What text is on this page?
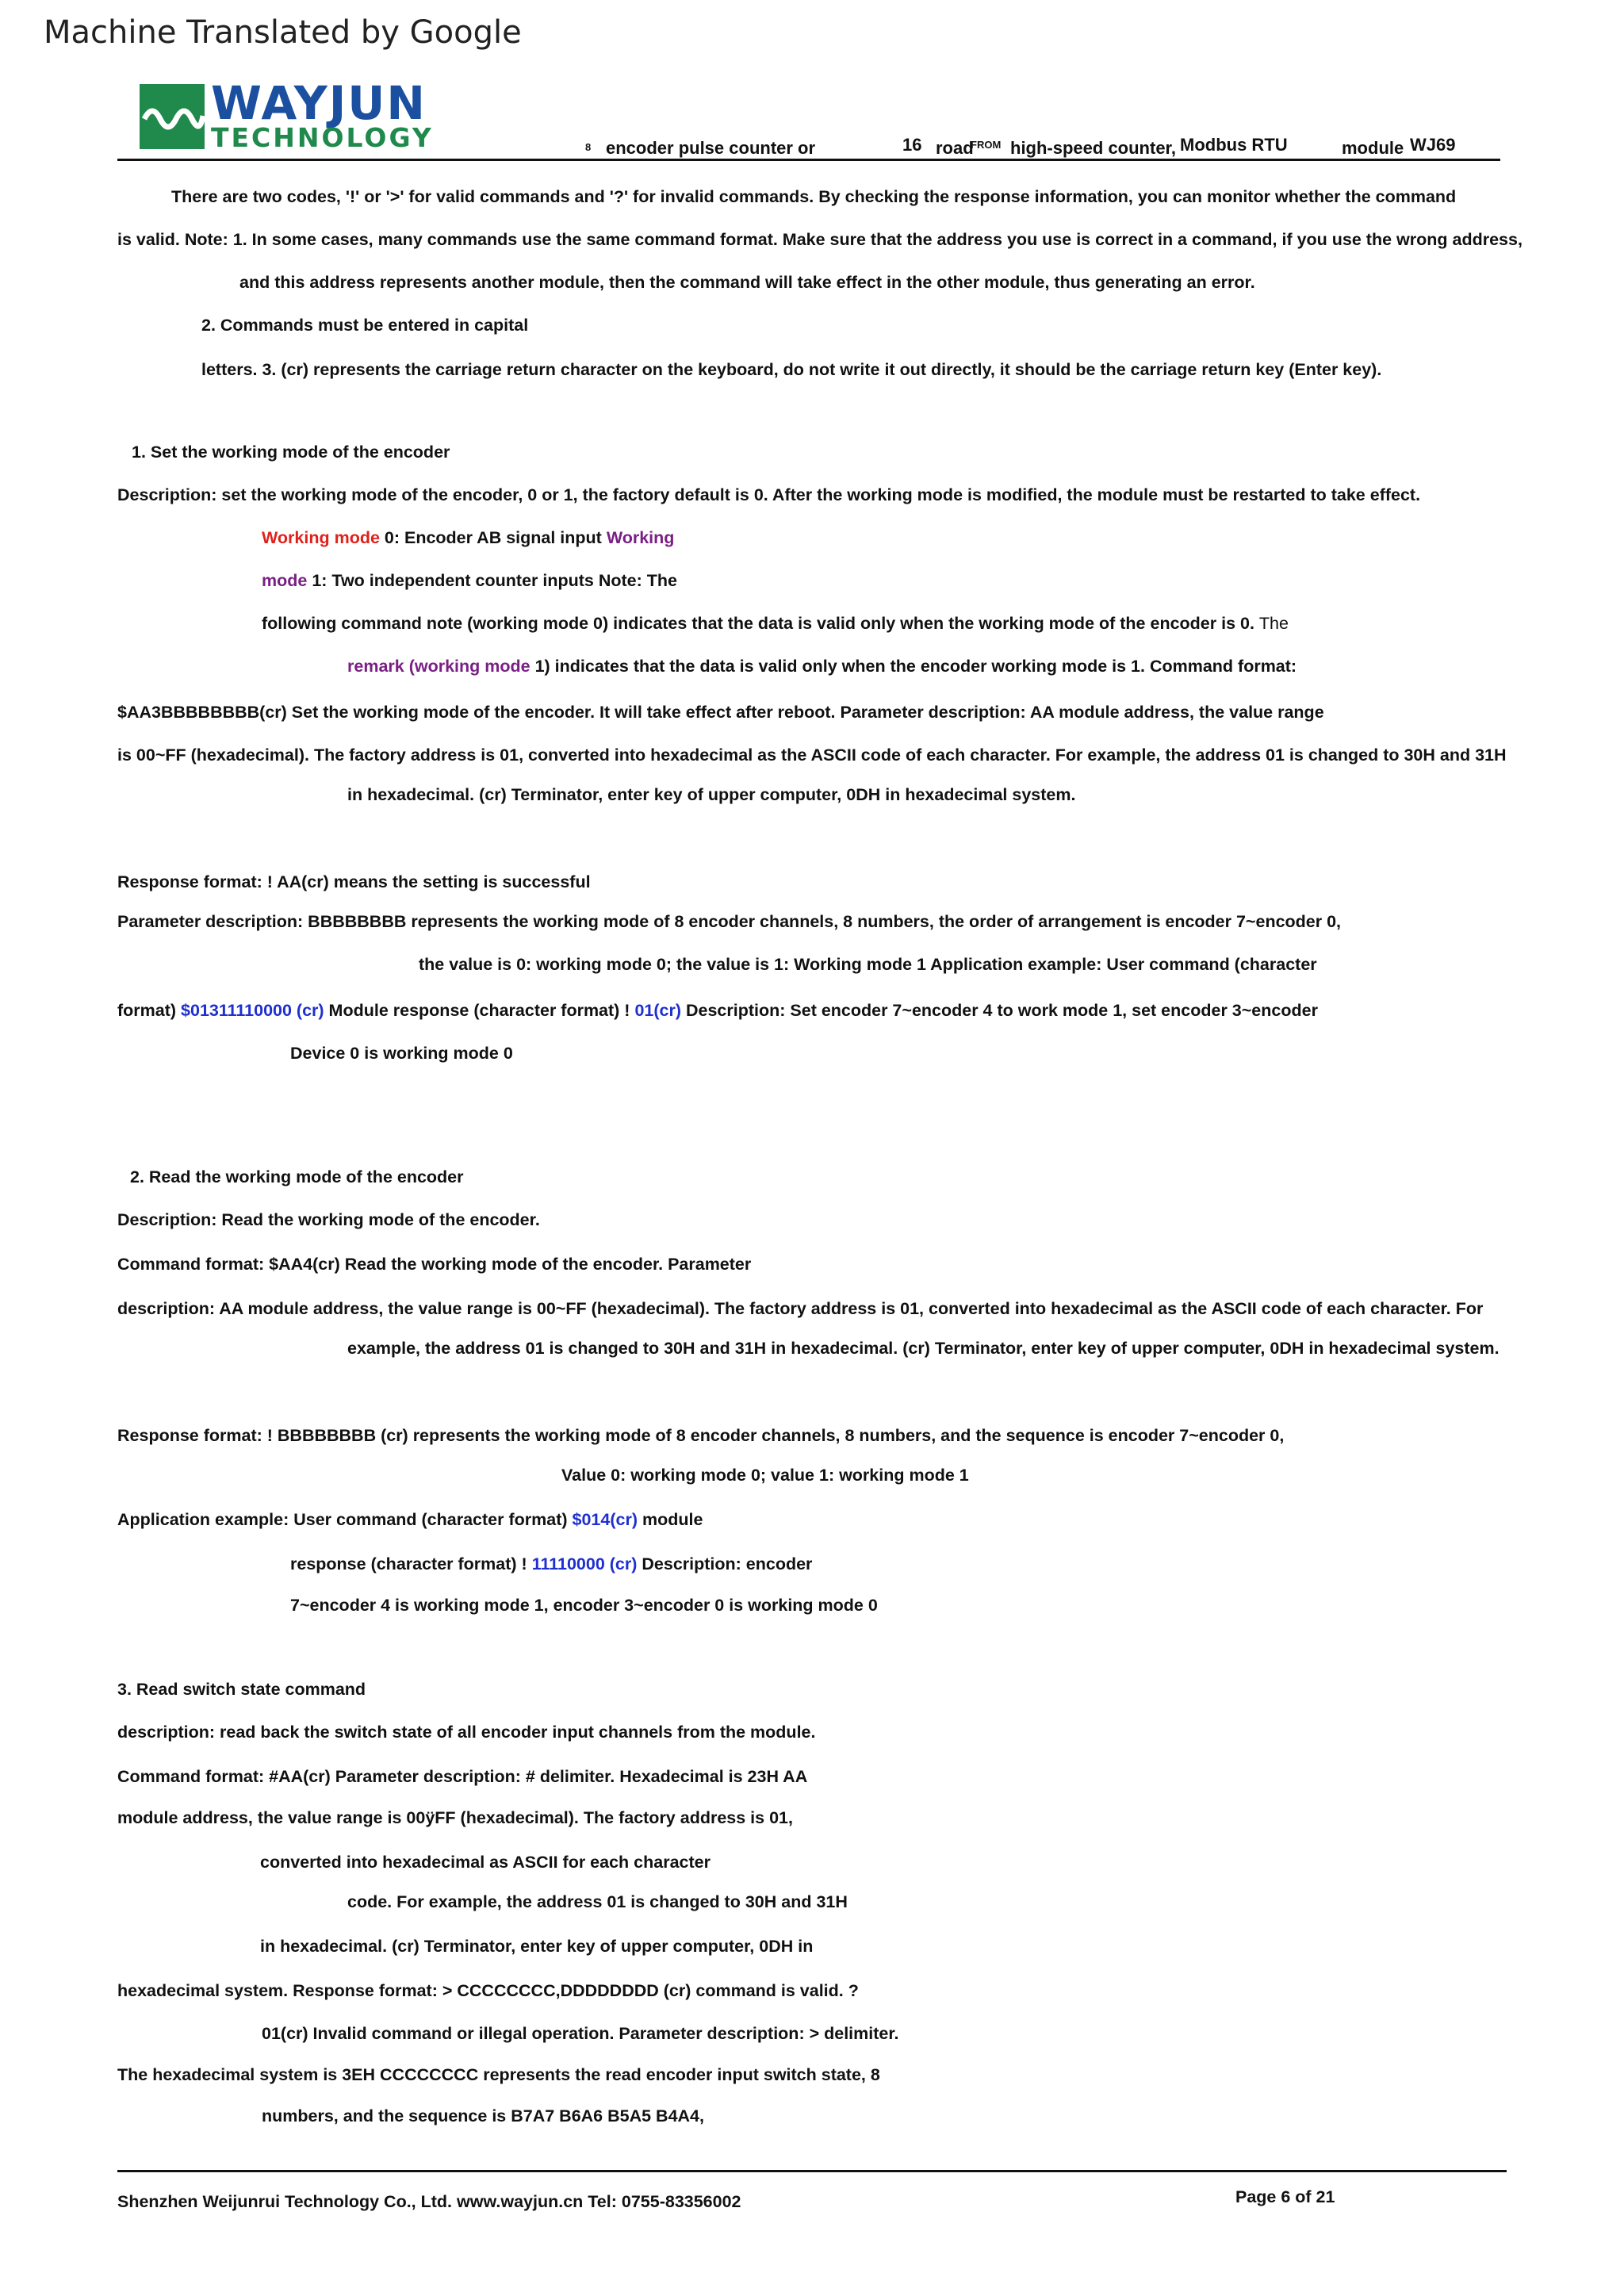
Machine Translated by Google
WAYJUN
TECHNOLOGY	8 encoder pulse counter or	16 road
FROM high-speed counter, Modbus RTU	module WJ69
There are two codes, '!' or '>' for valid commands and '?' for invalid commands. By checking the response information, you can monitor whether the command
is valid. Note: 1. In some cases, many commands use the same command format. Make sure that the address you use is correct in a command, if you use the wrong address,
and this address represents another module, then the command will take effect in the other module, thus generating an error.
2. Commands must be entered in capital
letters. 3. (cr) represents the carriage return character on the keyboard, do not write it out directly, it should be the carriage return key (Enter key).
1. Set the working mode of the encoder
Description: set the working mode of the encoder, 0 or 1, the factory default is 0. After the working mode is modified, the module must be restarted to take effect.
Working mode 0: Encoder AB signal input Working
mode 1: Two independent counter inputs Note: The
following command note (working mode 0) indicates that the data is valid only when the working mode of the encoder is 0. The
remark (working mode 1) indicates that the data is valid only when the encoder working mode is 1. Command format:
$AA3BBBBBBBB(cr) Set the working mode of the encoder. It will take effect after reboot. Parameter description: AA module address, the value range
is 00~FF (hexadecimal). The factory address is 01, converted into hexadecimal as the ASCII code of each character. For example, the address 01 is changed to 30H and 31H
in hexadecimal. (cr) Terminator, enter key of upper computer, 0DH in hexadecimal system.
Response format: ! AA(cr) means the setting is successful
Parameter description: BBBBBBBB represents the working mode of 8 encoder channels, 8 numbers, the order of arrangement is encoder 7~encoder 0,
the value is 0: working mode 0; the value is 1: Working mode 1 Application example: User command (character
format) $01311110000 (cr) Module response (character format) ! 01(cr) Description: Set encoder 7~encoder 4 to work mode 1, set encoder 3~encoder
Device 0 is working mode 0
2. Read the working mode of the encoder
Description: Read the working mode of the encoder.
Command format: $AA4(cr) Read the working mode of the encoder. Parameter
description: AA module address, the value range is 00~FF (hexadecimal). The factory address is 01, converted into hexadecimal as the ASCII code of each character. For
example, the address 01 is changed to 30H and 31H in hexadecimal. (cr) Terminator, enter key of upper computer, 0DH in hexadecimal system.
Response format: ! BBBBBBBB (cr) represents the working mode of 8 encoder channels, 8 numbers, and the sequence is encoder 7~encoder 0,
Value 0: working mode 0; value 1: working mode 1
Application example: User command (character format) $014(cr) module
response (character format) ! 11110000 (cr) Description: encoder
7~encoder 4 is working mode 1, encoder 3~encoder 0 is working mode 0
3. Read switch state command
description: read back the switch state of all encoder input channels from the module.
Command format: #AA(cr) Parameter description: # delimiter. Hexadecimal is 23H AA
module address, the value range is 00ÿFF (hexadecimal). The factory address is 01,
converted into hexadecimal as ASCII for each character
code. For example, the address 01 is changed to 30H and 31H
in hexadecimal. (cr) Terminator, enter key of upper computer, 0DH in
hexadecimal system. Response format: > CCCCCCCC,DDDDDDDD (cr) command is valid. ?
01(cr) Invalid command or illegal operation. Parameter description: > delimiter.
The hexadecimal system is 3EH CCCCCCCC represents the read encoder input switch state, 8
numbers, and the sequence is B7A7 B6A6 B5A5 B4A4,
Shenzhen Weijunrui Technology Co., Ltd. www.wayjun.cn Tel: 0755-83356002	Page 6 of 21
